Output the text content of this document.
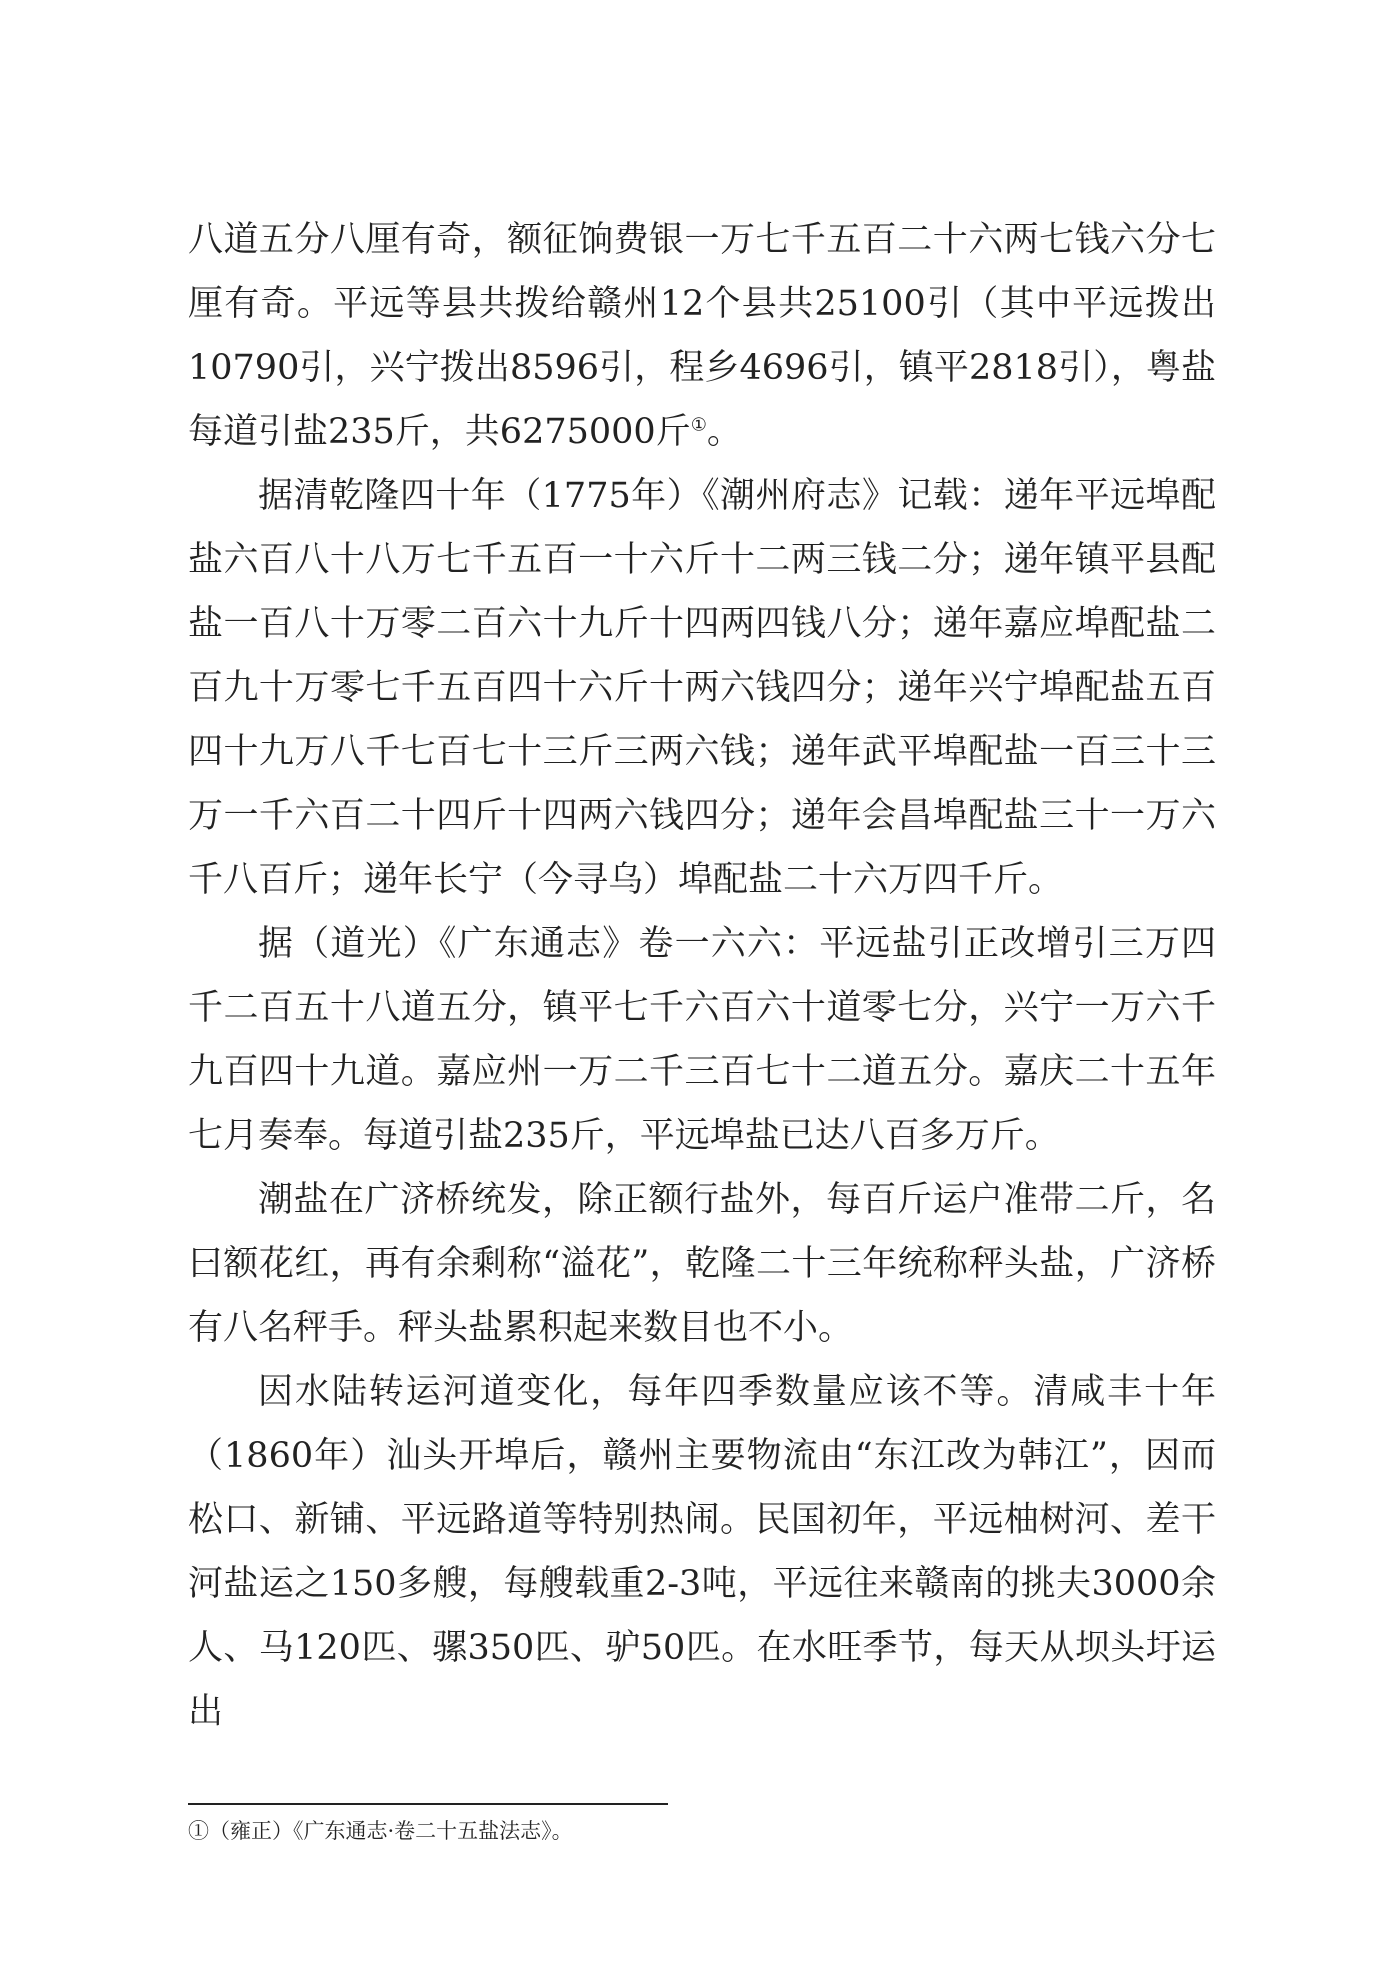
八道五分八厘有奇，额征饷费银一万七千五百二十六两七钱六分七厘有奇。平远等县共拨给赣州12个县共25100引（其中平远拨出10790引，兴宁拨出8596引，程乡4696引，镇平2818引），粤盐每道引盐235斤，共6275000斤①。

据清乾隆四十年（1775年）《潮州府志》记载：递年平远埠配盐六百八十八万七千五百一十六斤十二两三钱二分；递年镇平县配盐一百八十万零二百六十九斤十四两四钱八分；递年嘉应埠配盐二百九十万零七千五百四十六斤十两六钱四分；递年兴宁埠配盐五百四十九万八千七百七十三斤三两六钱；递年武平埠配盐一百三十三万一千六百二十四斤十四两六钱四分；递年会昌埠配盐三十一万六千八百斤；递年长宁（今寻乌）埠配盐二十六万四千斤。

据（道光）《广东通志》卷一六六：平远盐引正改增引三万四千二百五十八道五分，镇平七千六百六十道零七分，兴宁一万六千九百四十九道。嘉应州一万二千三百七十二道五分。嘉庆二十五年七月奏奉。每道引盐235斤，平远埠盐已达八百多万斤。

潮盐在广济桥统发，除正额行盐外，每百斤运户准带二斤，名曰额花红，再有余剩称“溢花”，乾隆二十三年统称秤头盐，广济桥有八名秤手。秤头盐累积起来数目也不小。

因水陆转运河道变化，每年四季数量应该不等。清咸丰十年（1860年）汕头开埠后，赣州主要物流由“东江改为韩江”，因而松口、新铺、平远路道等特别热闹。民国初年，平远柚树河、差干河盐运之150多艘，每艘载重2-3吨，平远往来赣南的挑夫3000余人、马120匹、骡350匹、驴50匹。在水旺季节，每天从坝头圩运出

①（雍正）《广东通志·卷二十五盐法志》。
